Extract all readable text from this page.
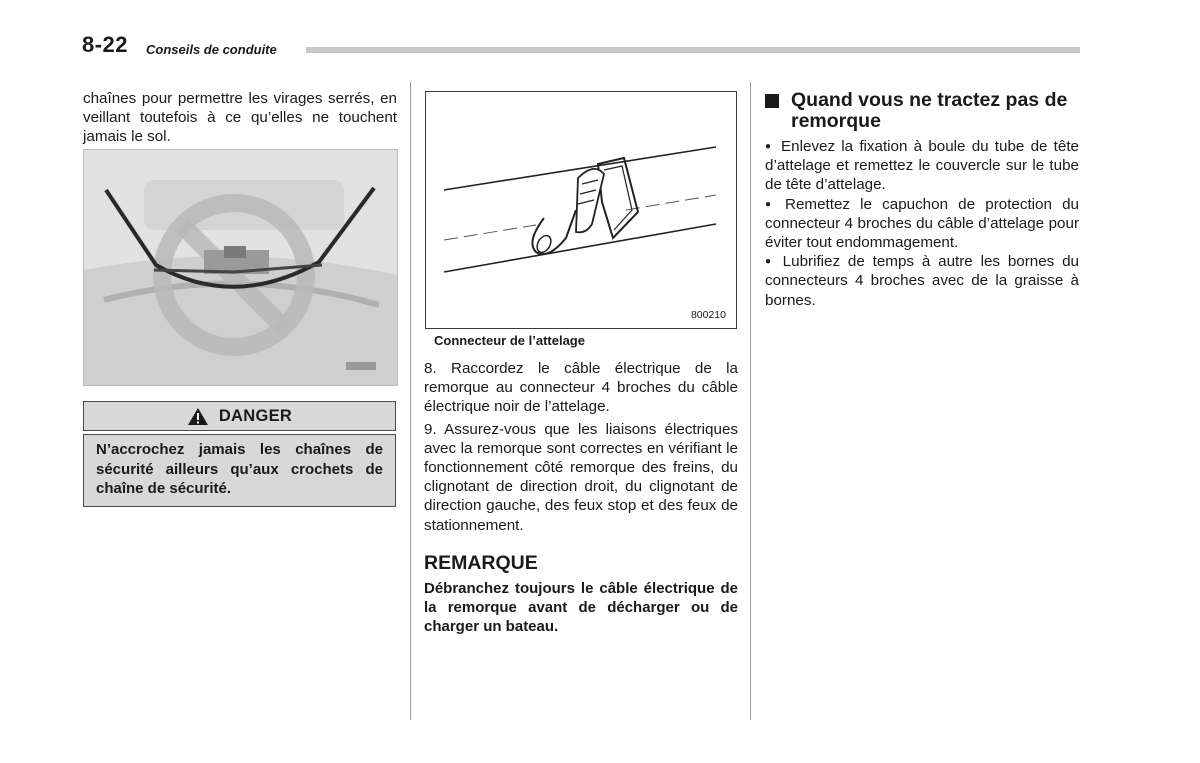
8-22 Conseils de conduite

chaînes pour permettre les virages serrés, en veillant toutefois à ce qu’elles ne touchent jamais le sol.

DANGER
N’accrochez jamais les chaînes de sécurité ailleurs qu’aux crochets de chaîne de sécurité.
800210
Connecteur de l’attelage

8. Raccordez le câble électrique de la remorque au connecteur 4 broches du câble électrique noir de l’attelage.

9. Assurez-vous que les liaisons électriques avec la remorque sont correctes en vérifiant le fonctionnement côté remorque des freins, du clignotant de direction droit, du clignotant de direction gauche, des feux stop et des feux de stationnement.

REMARQUE
Débranchez toujours le câble électrique de la remorque avant de décharger ou de charger un bateau.
Quand vous ne tractez pas de remorque

● Enlevez la fixation à boule du tube de tête d’attelage et remettez le couvercle sur le tube de tête d’attelage.

● Remettez le capuchon de protection du connecteur 4 broches du câble d’attelage pour éviter tout endommagement.

● Lubrifiez de temps à autre les bornes du connecteurs 4 broches avec de la graisse à bornes.
